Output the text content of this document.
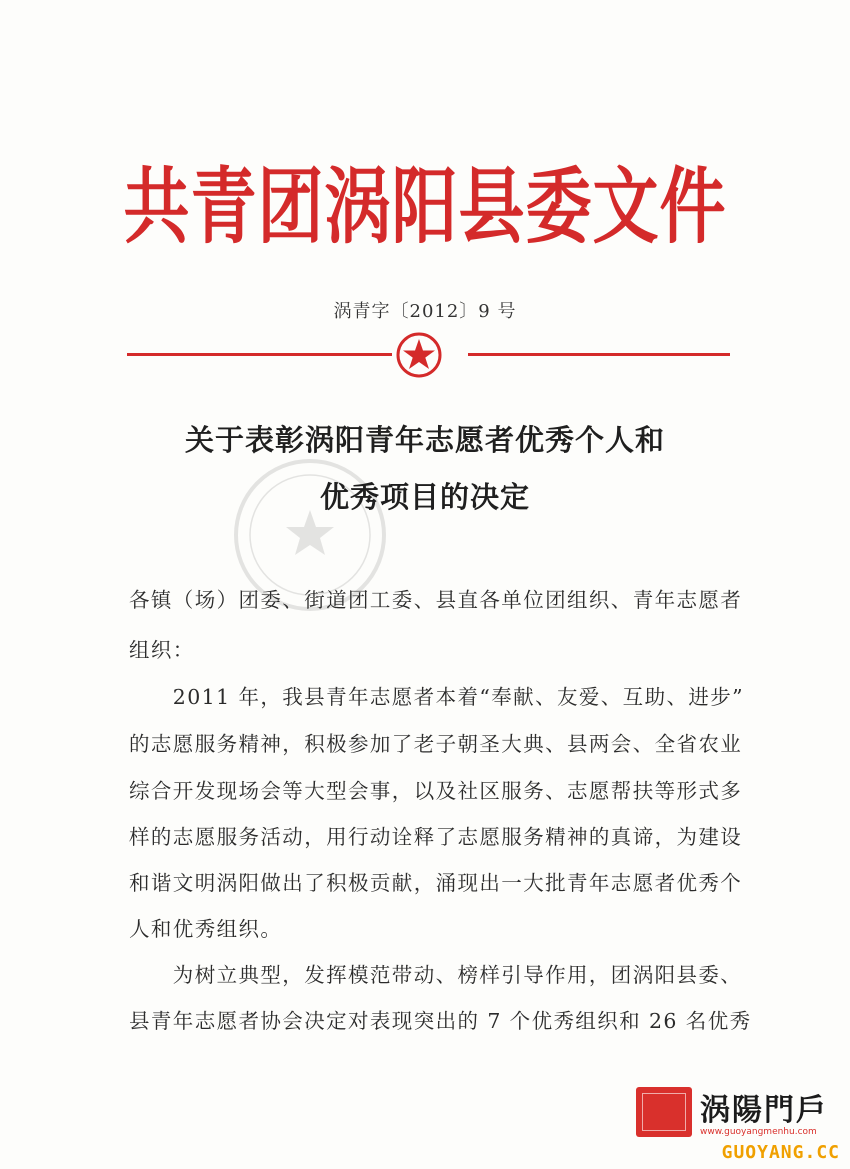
共青团涡阳县委文件
涡青字〔2012〕9 号
关于表彰涡阳青年志愿者优秀个人和
优秀项目的决定
各镇（场）团委、街道团工委、县直各单位团组织、青年志愿者
组织：
　　2011 年，我县青年志愿者本着“奉献、友爱、互助、进步”
的志愿服务精神，积极参加了老子朝圣大典、县两会、全省农业
综合开发现场会等大型会事，以及社区服务、志愿帮扶等形式多
样的志愿服务活动，用行动诠释了志愿服务精神的真谛，为建设
和谐文明涡阳做出了积极贡献，涌现出一大批青年志愿者优秀个
人和优秀组织。
　　为树立典型，发挥模范带动、榜样引导作用，团涡阳县委、
县青年志愿者协会决定对表现突出的 7 个优秀组织和 26 名优秀
涡陽門戶
www.guoyangmenhu.com
GUOYANG.CC
